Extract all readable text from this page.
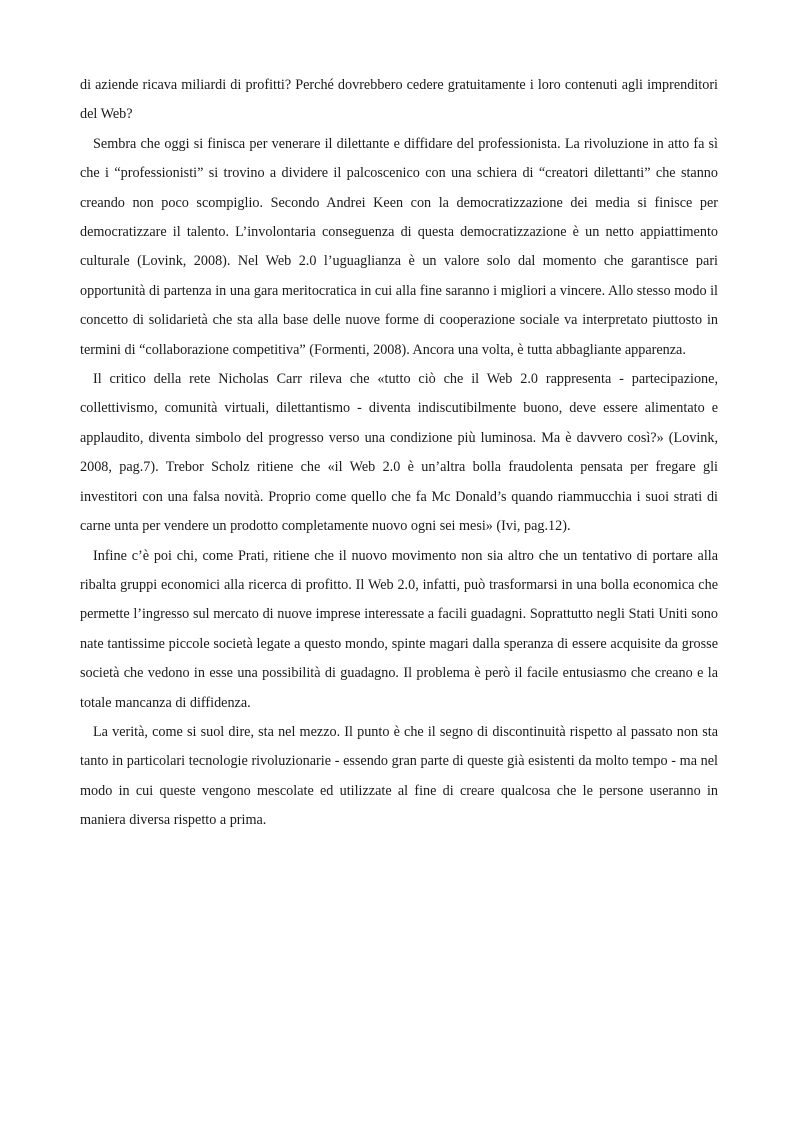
di aziende ricava miliardi di profitti? Perché dovrebbero cedere gratuitamente i loro contenuti agli imprenditori del Web?

Sembra che oggi si finisca per venerare il dilettante e diffidare del professionista. La rivoluzione in atto fa sì che i “professionisti” si trovino a dividere il palcoscenico con una schiera di “creatori dilettanti” che stanno creando non poco scompiglio. Secondo Andrei Keen con la democratizzazione dei media si finisce per democratizzare il talento. L’involontaria conseguenza di questa democratizzazione è un netto appiattimento culturale (Lovink, 2008). Nel Web 2.0 l’uguaglianza è un valore solo dal momento che garantisce pari opportunità di partenza in una gara meritocratica in cui alla fine saranno i migliori a vincere. Allo stesso modo il concetto di solidarietà che sta alla base delle nuove forme di cooperazione sociale va interpretato piuttosto in termini di “collaborazione competitiva” (Formenti, 2008). Ancora una volta, è tutta abbagliante apparenza.

Il critico della rete Nicholas Carr rileva che «tutto ciò che il Web 2.0 rappresenta - partecipazione, collettivismo, comunità virtuali, dilettantismo - diventa indiscutibilmente buono, deve essere alimentato e applaudito, diventa simbolo del progresso verso una condizione più luminosa. Ma è davvero così?» (Lovink, 2008, pag.7). Trebor Scholz ritiene che «il Web 2.0 è un’altra bolla fraudolenta pensata per fregare gli investitori con una falsa novità. Proprio come quello che fa Mc Donald’s quando riammucchia i suoi strati di carne unta per vendere un prodotto completamente nuovo ogni sei mesi» (Ivi, pag.12).

Infine c’è poi chi, come Prati, ritiene che il nuovo movimento non sia altro che un tentativo di portare alla ribalta gruppi economici alla ricerca di profitto. Il Web 2.0, infatti, può trasformarsi in una bolla economica che permette l’ingresso sul mercato di nuove imprese interessate a facili guadagni. Soprattutto negli Stati Uniti sono nate tantissime piccole società legate a questo mondo, spinte magari dalla speranza di essere acquisite da grosse società che vedono in esse una possibilità di guadagno. Il problema è però il facile entusiasmo che creano e la totale mancanza di diffidenza.

La verità, come si suol dire, sta nel mezzo. Il punto è che il segno di discontinuità rispetto al passato non sta tanto in particolari tecnologie rivoluzionarie - essendo gran parte di queste già esistenti da molto tempo - ma nel modo in cui queste vengono mescolate ed utilizzate al fine di creare qualcosa che le persone useranno in maniera diversa rispetto a prima.
